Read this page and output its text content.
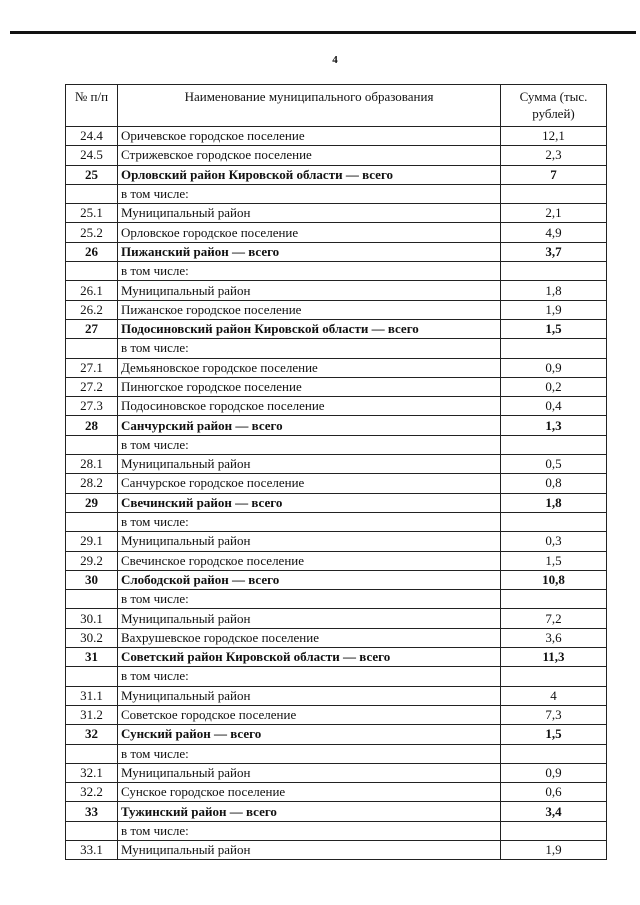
4
№ п/п	Наименование муниципального образования	Сумма (тыс. рублей)
24.4	Оричевское городское поселение	12,1
24.5	Стрижевское городское поселение	2,3
25	Орловский район Кировской области — всего	7
	в том числе:	
25.1	Муниципальный район	2,1
25.2	Орловское городское поселение	4,9
26	Пижанский район — всего	3,7
	в том числе:	
26.1	Муниципальный район	1,8
26.2	Пижанское городское поселение	1,9
27	Подосиновский район Кировской области — всего	1,5
	в том числе:	
27.1	Демьяновское городское поселение	0,9
27.2	Пинюгское городское поселение	0,2
27.3	Подосиновское городское поселение	0,4
28	Санчурский район — всего	1,3
	в том числе:	
28.1	Муниципальный район	0,5
28.2	Санчурское городское поселение	0,8
29	Свечинский район — всего	1,8
	в том числе:	
29.1	Муниципальный район	0,3
29.2	Свечинское городское поселение	1,5
30	Слободской район — всего	10,8
	в том числе:	
30.1	Муниципальный район	7,2
30.2	Вахрушевское городское поселение	3,6
31	Советский район Кировской области — всего	11,3
	в том числе:	
31.1	Муниципальный район	4
31.2	Советское городское поселение	7,3
32	Сунский район — всего	1,5
	в том числе:	
32.1	Муниципальный район	0,9
32.2	Сунское городское поселение	0,6
33	Тужинский район — всего	3,4
	в том числе:	
33.1	Муниципальный район	1,9
